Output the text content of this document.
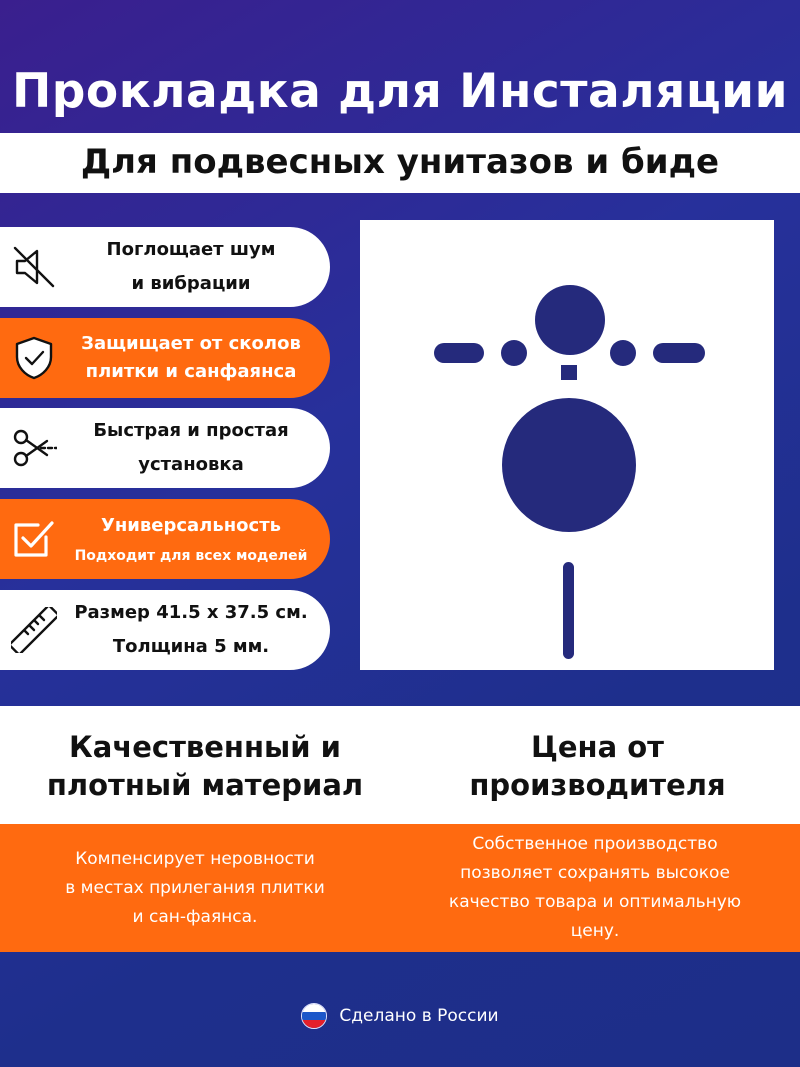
Прокладка для Инсталяции
Для подвесных унитазов и биде
Поглощает шум
и вибрации
Защищает от сколов
плитки и санфаянса
Быстрая и простая
установка
Универсальность
Подходит для всех моделей
Размер 41.5 х 37.5 см.
Толщина 5 мм.
Качественный и
плотный материал
Цена от
производителя
Компенсирует неровности
в местах прилегания плитки
и сан-фаянса.
Собственное производство
позволяет сохранять высокое
качество товара и оптимальную
цену.
Сделано в России
